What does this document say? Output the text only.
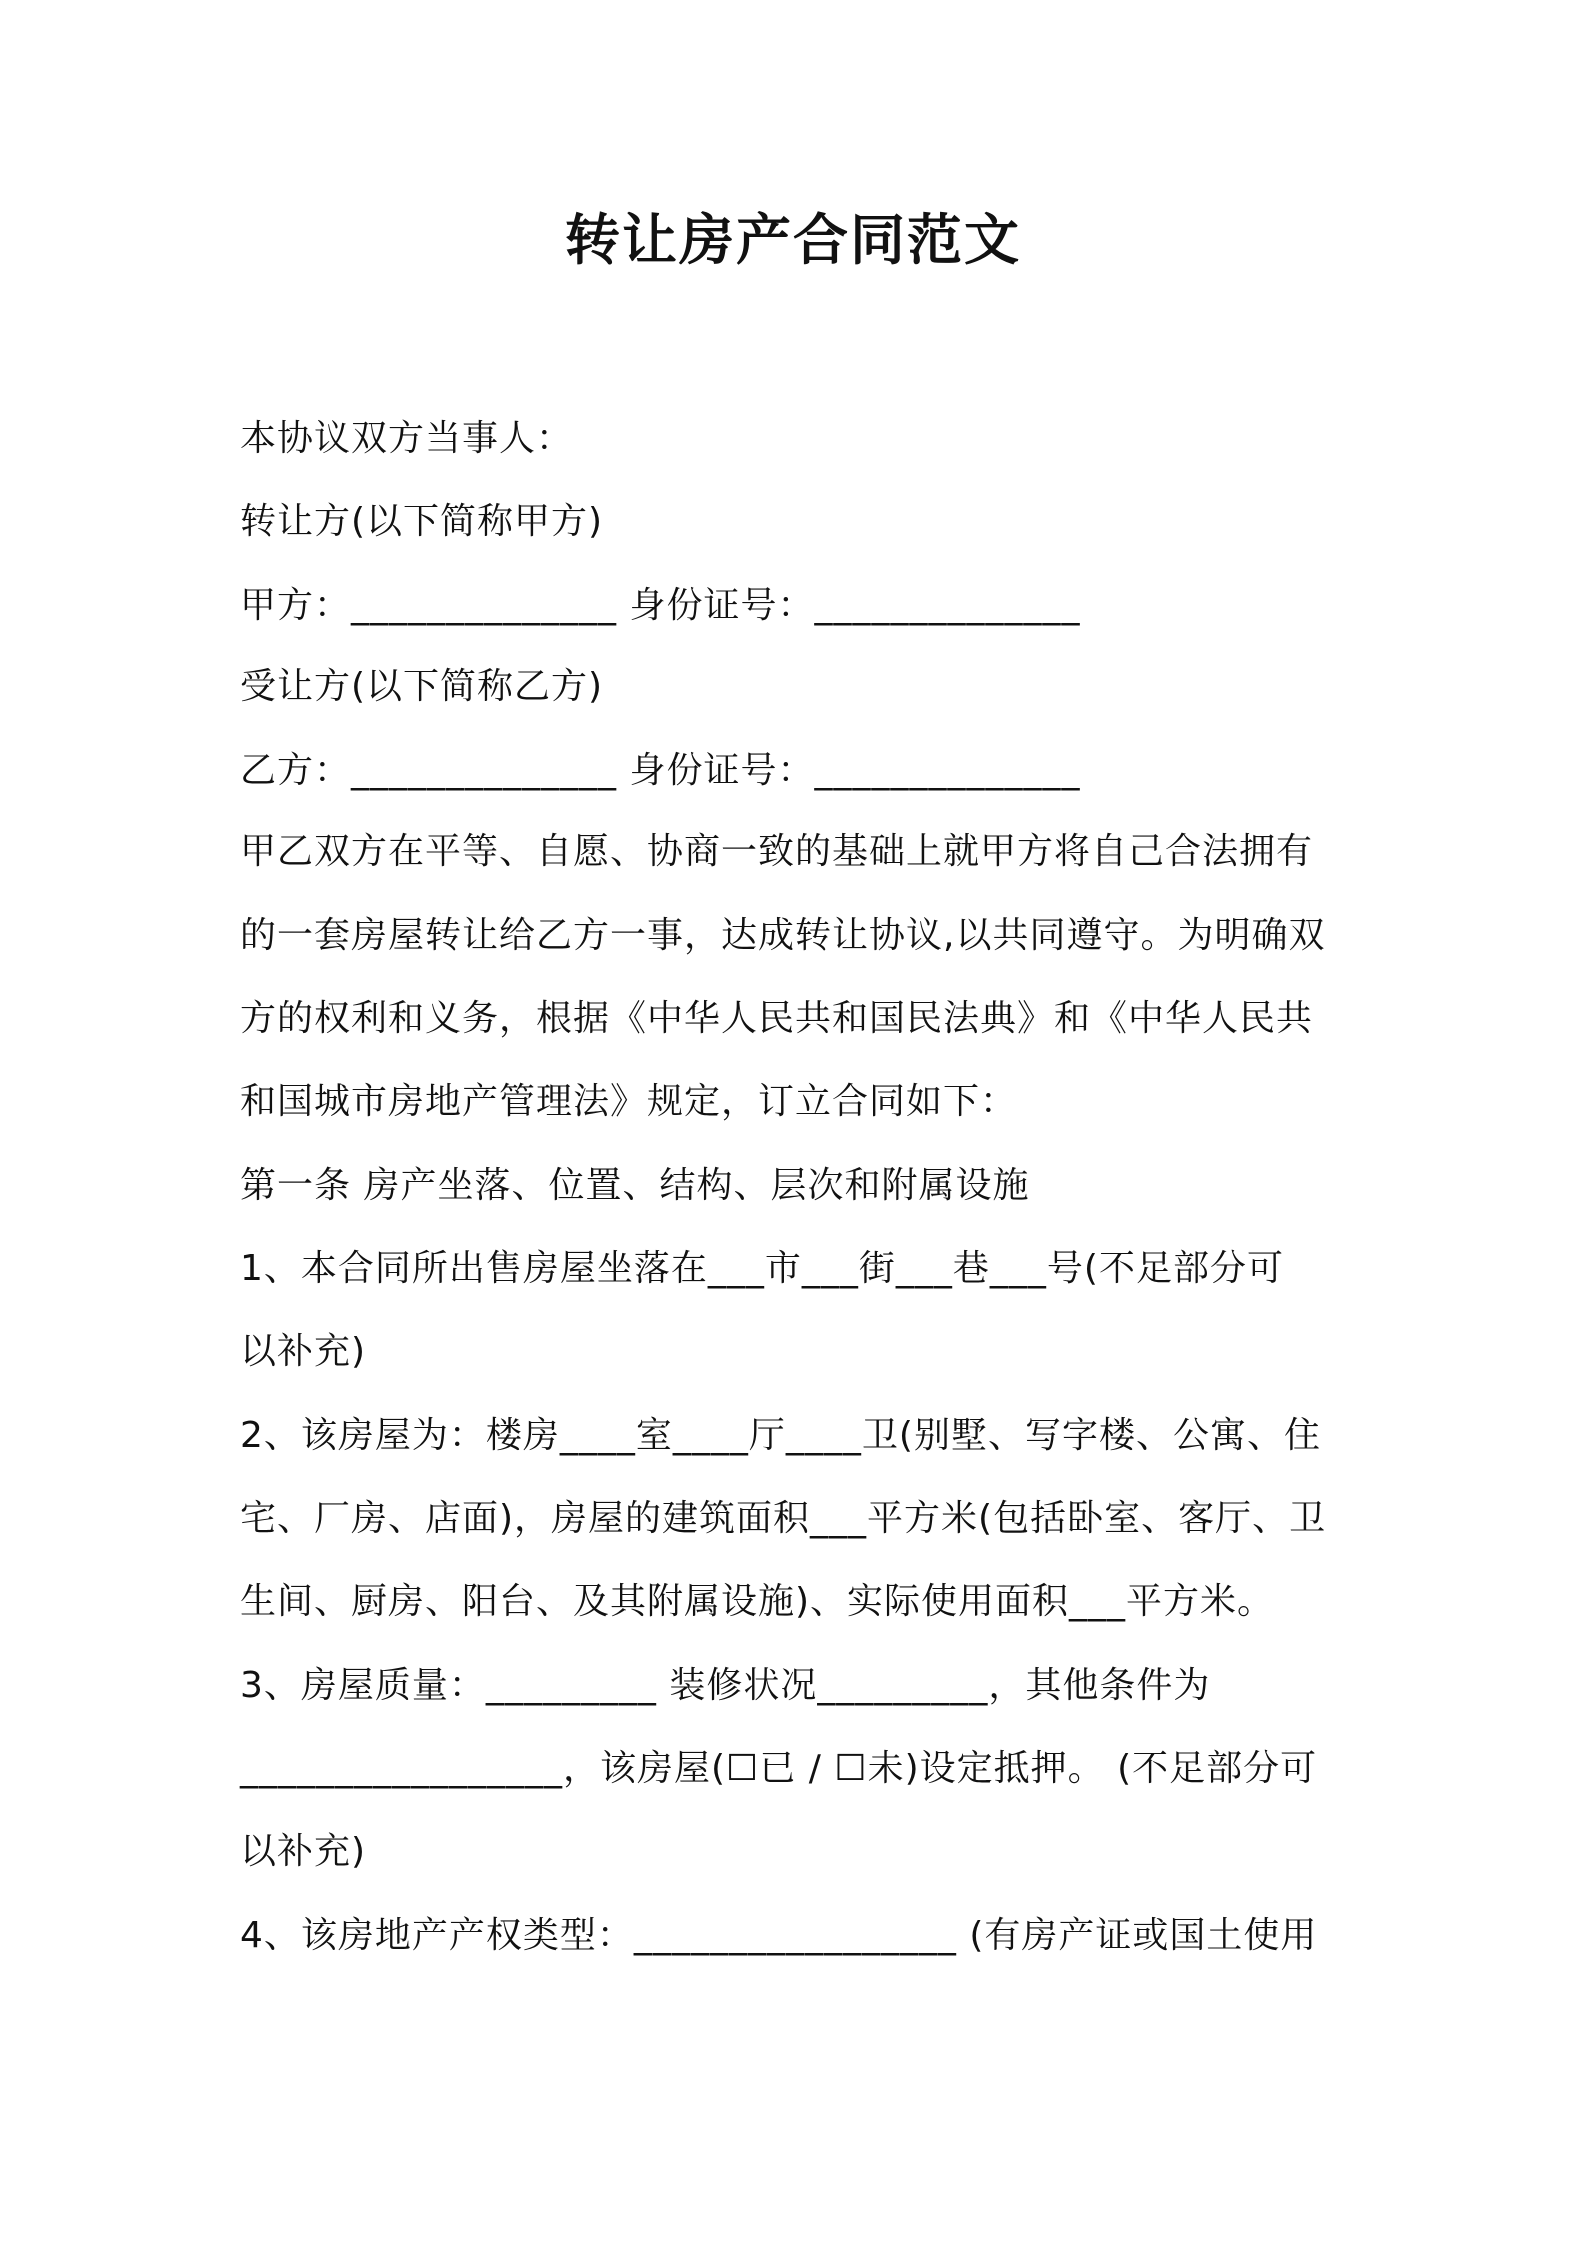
转让房产合同范文
本协议双方当事人：
转让方(以下简称甲方)
甲方：______________ 身份证号：______________
受让方(以下简称乙方)
乙方：______________ 身份证号：______________
甲乙双方在平等、自愿、协商一致的基础上就甲方将自己合法拥有
的一套房屋转让给乙方一事，达成转让协议,以共同遵守。为明确双
方的权利和义务，根据《中华人民共和国民法典》和《中华人民共
和国城市房地产管理法》规定，订立合同如下：
第一条 房产坐落、位置、结构、层次和附属设施
1、本合同所出售房屋坐落在___市___街___巷___号(不足部分可
以补充)
2、该房屋为：楼房____室____厅____卫(别墅、写字楼、公寓、住
宅、厂房、店面)，房屋的建筑面积___平方米(包括卧室、客厅、卫
生间、厨房、阳台、及其附属设施)、实际使用面积___平方米。
3、房屋质量：_________ 装修状况_________，其他条件为
_________________，该房屋(☐已 / ☐未)设定抵押。 (不足部分可
以补充)
4、该房地产产权类型：_________________ (有房产证或国土使用
